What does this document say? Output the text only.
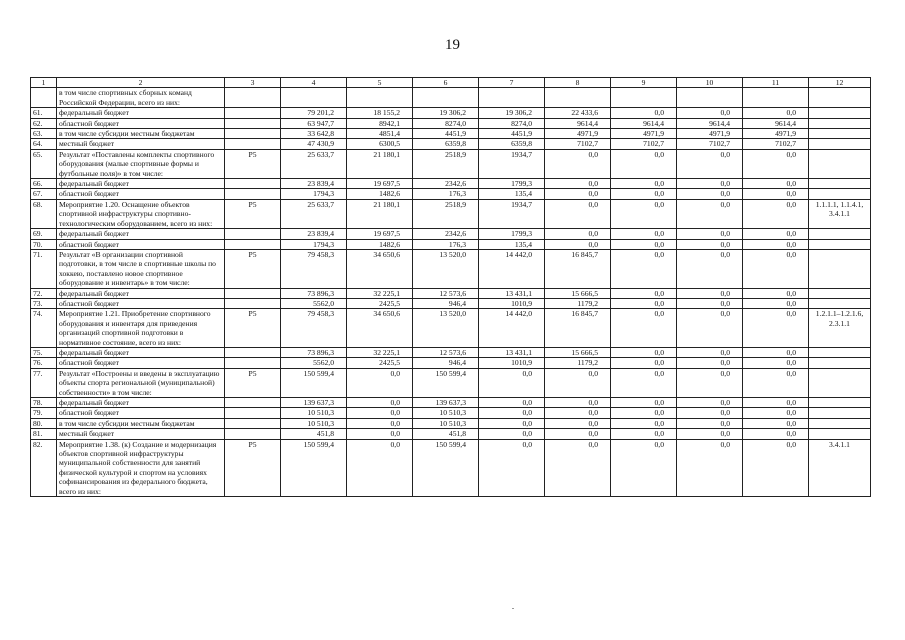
19
1	2	3	4	5	6	7	8	9	10	11	12
	в том числе спортивных сборных команд Российской Федерации, всего из них:										
61.	федеральный бюджет		79 201,2	18 155,2	19 306,2	19 306,2	22 433,6	0,0	0,0	0,0	
62.	областной бюджет		63 947,7	8942,1	8274,0	8274,0	9614,4	9614,4	9614,4	9614,4	
63.	в том числе субсидии местным бюджетам		33 642,8	4851,4	4451,9	4451,9	4971,9	4971,9	4971,9	4971,9	
64.	местный бюджет		47 430,9	6300,5	6359,8	6359,8	7102,7	7102,7	7102,7	7102,7	
65.	Результат «Поставлены комплекты спортивного оборудования (малые спортивные формы и футбольные поля)» в том числе:	Р5	25 633,7	21 180,1	2518,9	1934,7	0,0	0,0	0,0	0,0	
66.	федеральный бюджет		23 839,4	19 697,5	2342,6	1799,3	0,0	0,0	0,0	0,0	
67.	областной бюджет		1794,3	1482,6	176,3	135,4	0,0	0,0	0,0	0,0	
68.	Мероприятие 1.20. Оснащение объектов спортивной инфраструктуры спортивно-технологическим оборудованием, всего из них:	Р5	25 633,7	21 180,1	2518,9	1934,7	0,0	0,0	0,0	0,0	1.1.1.1, 1.1.4.1, 3.4.1.1
69.	федеральный бюджет		23 839,4	19 697,5	2342,6	1799,3	0,0	0,0	0,0	0,0	
70.	областной бюджет		1794,3	1482,6	176,3	135,4	0,0	0,0	0,0	0,0	
71.	Результат «В организации спортивной подготовки, в том числе в спортивные школы по хоккею, поставлено новое спортивное оборудование и инвентарь» в том числе:	Р5	79 458,3	34 650,6	13 520,0	14 442,0	16 845,7	0,0	0,0	0,0	
72.	федеральный бюджет		73 896,3	32 225,1	12 573,6	13 431,1	15 666,5	0,0	0,0	0,0	
73.	областной бюджет		5562,0	2425,5	946,4	1010,9	1179,2	0,0	0,0	0,0	
74.	Мероприятие 1.21. Приобретение спортивного оборудования и инвентаря для приведения организаций спортивной подготовки в нормативное состояние, всего из них:	Р5	79 458,3	34 650,6	13 520,0	14 442,0	16 845,7	0,0	0,0	0,0	1.2.1.1–1.2.1.6, 2.3.1.1
75.	федеральный бюджет		73 896,3	32 225,1	12 573,6	13 431,1	15 666,5	0,0	0,0	0,0	
76.	областной бюджет		5562,0	2425,5	946,4	1010,9	1179,2	0,0	0,0	0,0	
77.	Результат «Построены и введены в эксплуатацию объекты спорта региональной (муниципальной) собственности» в том числе:	Р5	150 599,4	0,0	150 599,4	0,0	0,0	0,0	0,0	0,0	
78.	федеральный бюджет		139 637,3	0,0	139 637,3	0,0	0,0	0,0	0,0	0,0	
79.	областной бюджет		10 510,3	0,0	10 510,3	0,0	0,0	0,0	0,0	0,0	
80.	в том числе субсидии местным бюджетам		10 510,3	0,0	10 510,3	0,0	0,0	0,0	0,0	0,0	
81.	местный бюджет		451,8	0,0	451,8	0,0	0,0	0,0	0,0	0,0	
82.	Мероприятие 1.38. (к) Создание и модернизация объектов спортивной инфраструктуры муниципальной собственности для занятий физической культурой и спортом на условиях софинансирования из федерального бюджета, всего из них:	Р5	150 599,4	0,0	150 599,4	0,0	0,0	0,0	0,0	0,0	3.4.1.1
